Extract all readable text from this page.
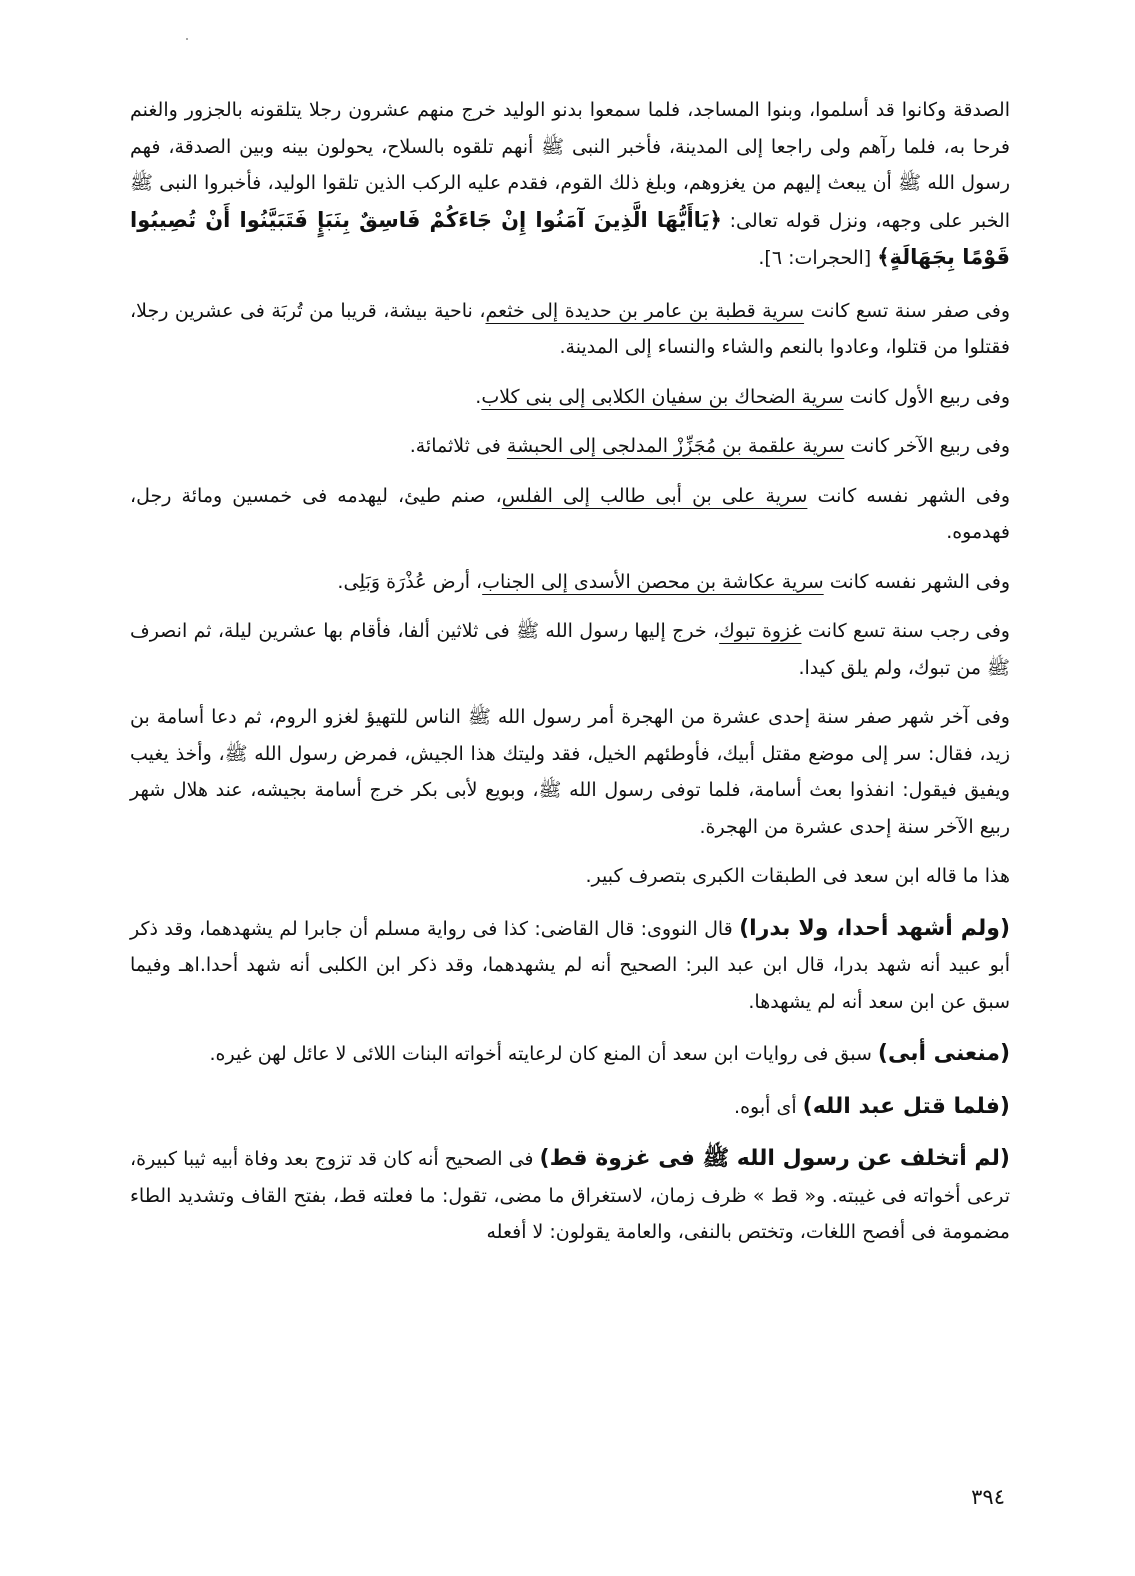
الصدقة وكانوا قد أسلموا، وبنوا المساجد، فلما سمعوا بدنو الوليد خرج منهم عشرون رجلا يتلقونه بالجزور والغنم فرحا به، فلما رآهم ولى راجعا إلى المدينة، فأخبر النبى ﷺ أنهم تلقوه بالسلاح، يحولون بينه وبين الصدقة، فهم رسول الله ﷺ أن يبعث إليهم من يغزوهم، وبلغ ذلك القوم، فقدم عليه الركب الذين تلقوا الوليد، فأخبروا النبى ﷺ الخبر على وجهه، ونزل قوله تعالى: ﴿يَاأَيُّهَا الَّذِينَ آمَنُوا إِنْ جَاءَكُمْ فَاسِقٌ بِنَبَإٍ فَتَبَيَّنُوا أَنْ تُصِيبُوا قَوْمًا بِجَهَالَةٍ﴾ [الحجرات: ٦].

وفى صفر سنة تسع كانت سرية قطبة بن عامر بن حديدة إلى خثعم، ناحية بيشة، قريبا من تُربَة فى عشرين رجلا، فقتلوا من قتلوا، وعادوا بالنعم والشاء والنساء إلى المدينة.

وفى ربيع الأول كانت سرية الضحاك بن سفيان الكلابى إلى بنى كلاب.

وفى ربيع الآخر كانت سرية علقمة بن مُجَزِّزْ المدلجى إلى الحبشة فى ثلاثمائة.

وفى الشهر نفسه كانت سرية على بن أبى طالب إلى الفلس، صنم طيئ، ليهدمه فى خمسين ومائة رجل، فهدموه.

وفى الشهر نفسه كانت سرية عكاشة بن محصن الأسدى إلى الجناب، أرض عُذْرَة وَبَلِى.

وفى رجب سنة تسع كانت غزوة تبوك، خرج إليها رسول الله ﷺ فى ثلاثين ألفا، فأقام بها عشرين ليلة، ثم انصرف ﷺ من تبوك، ولم يلق كيدا.

وفى آخر شهر صفر سنة إحدى عشرة من الهجرة أمر رسول الله ﷺ الناس للتهيؤ لغزو الروم، ثم دعا أسامة بن زيد، فقال: سر إلى موضع مقتل أبيك، فأوطئهم الخيل، فقد وليتك هذا الجيش، فمرض رسول الله ﷺ، وأخذ يغيب ويفيق فيقول: انفذوا بعث أسامة، فلما توفى رسول الله ﷺ، وبويع لأبى بكر خرج أسامة بجيشه، عند هلال شهر ربيع الآخر سنة إحدى عشرة من الهجرة.

هذا ما قاله ابن سعد فى الطبقات الكبرى بتصرف كبير.

(ولم أشهد أحدا، ولا بدرا) قال النووى: قال القاضى: كذا فى رواية مسلم أن جابرا لم يشهدهما، وقد ذكر أبو عبيد أنه شهد بدرا، قال ابن عبد البر: الصحيح أنه لم يشهدهما، وقد ذكر ابن الكلبى أنه شهد أحدا.اهـ وفيما سبق عن ابن سعد أنه لم يشهدها.

(منعنى أبى) سبق فى روايات ابن سعد أن المنع كان لرعايته أخواته البنات اللائى لا عائل لهن غيره.

(فلما قتل عبد الله) أى أبوه.

(لم أتخلف عن رسول الله ﷺ فى غزوة قط) فى الصحيح أنه كان قد تزوج بعد وفاة أبيه ثيبا كبيرة، ترعى أخواته فى غيبته. و« قط » ظرف زمان، لاستغراق ما مضى، تقول: ما فعلته قط، بفتح القاف وتشديد الطاء مضمومة فى أفصح اللغات، وتختص بالنفى، والعامة يقولون: لا أفعله

٣٩٤
